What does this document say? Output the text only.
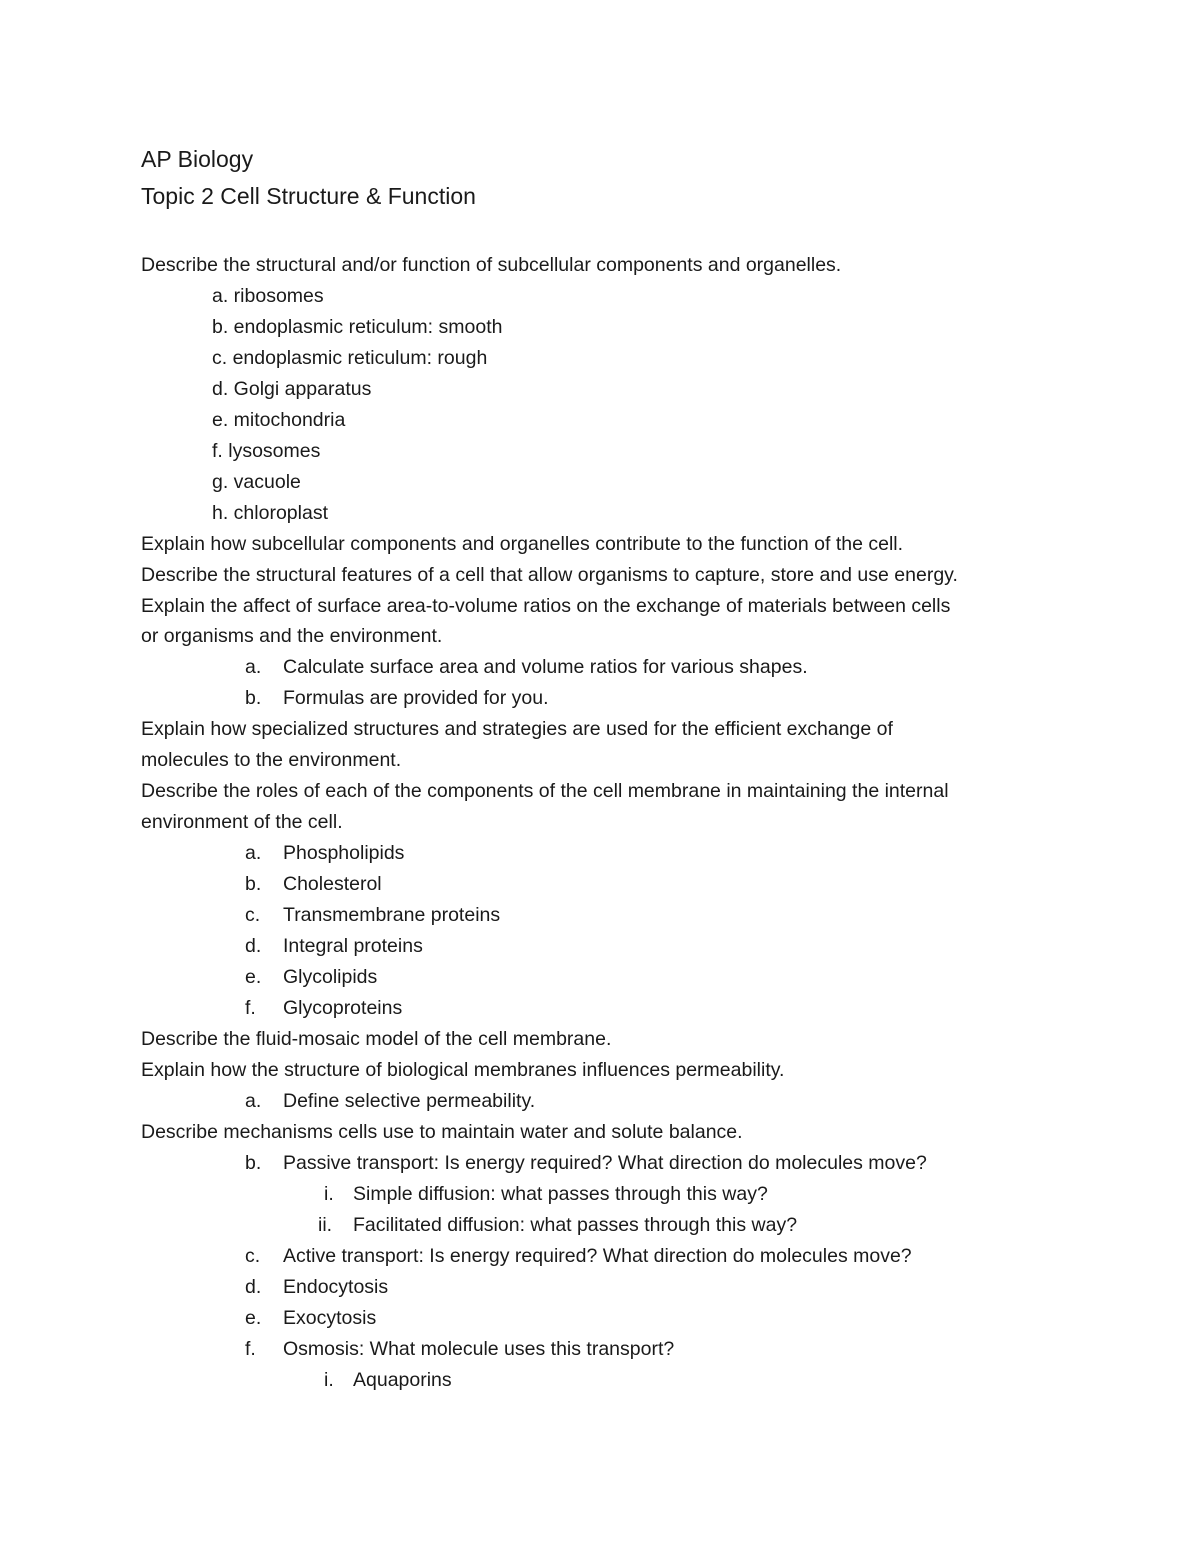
AP Biology
Topic 2 Cell Structure & Function
Describe the structural and/or function of subcellular components and organelles.
a. ribosomes
b. endoplasmic reticulum: smooth
c. endoplasmic reticulum: rough
d. Golgi apparatus
e. mitochondria
f. lysosomes
g. vacuole
h. chloroplast
Explain how subcellular components and organelles contribute to the function of the cell.
Describe the structural features of a cell that allow organisms to capture, store and use energy.
Explain the affect of surface area-to-volume ratios on the exchange of materials between cells
or organisms and the environment.
a. Calculate surface area and volume ratios for various shapes.
b. Formulas are provided for you.
Explain how specialized structures and strategies are used for the efficient exchange of
molecules to the environment.
Describe the roles of each of the components of the cell membrane in maintaining the internal
environment of the cell.
a. Phospholipids
b. Cholesterol
c. Transmembrane proteins
d. Integral proteins
e. Glycolipids
f. Glycoproteins
Describe the fluid-mosaic model of the cell membrane.
Explain how the structure of biological membranes influences permeability.
a. Define selective permeability.
Describe mechanisms cells use to maintain water and solute balance.
b. Passive transport: Is energy required? What direction do molecules move?
i. Simple diffusion: what passes through this way?
ii. Facilitated diffusion: what passes through this way?
c. Active transport: Is energy required? What direction do molecules move?
d. Endocytosis
e. Exocytosis
f. Osmosis: What molecule uses this transport?
i. Aquaporins
